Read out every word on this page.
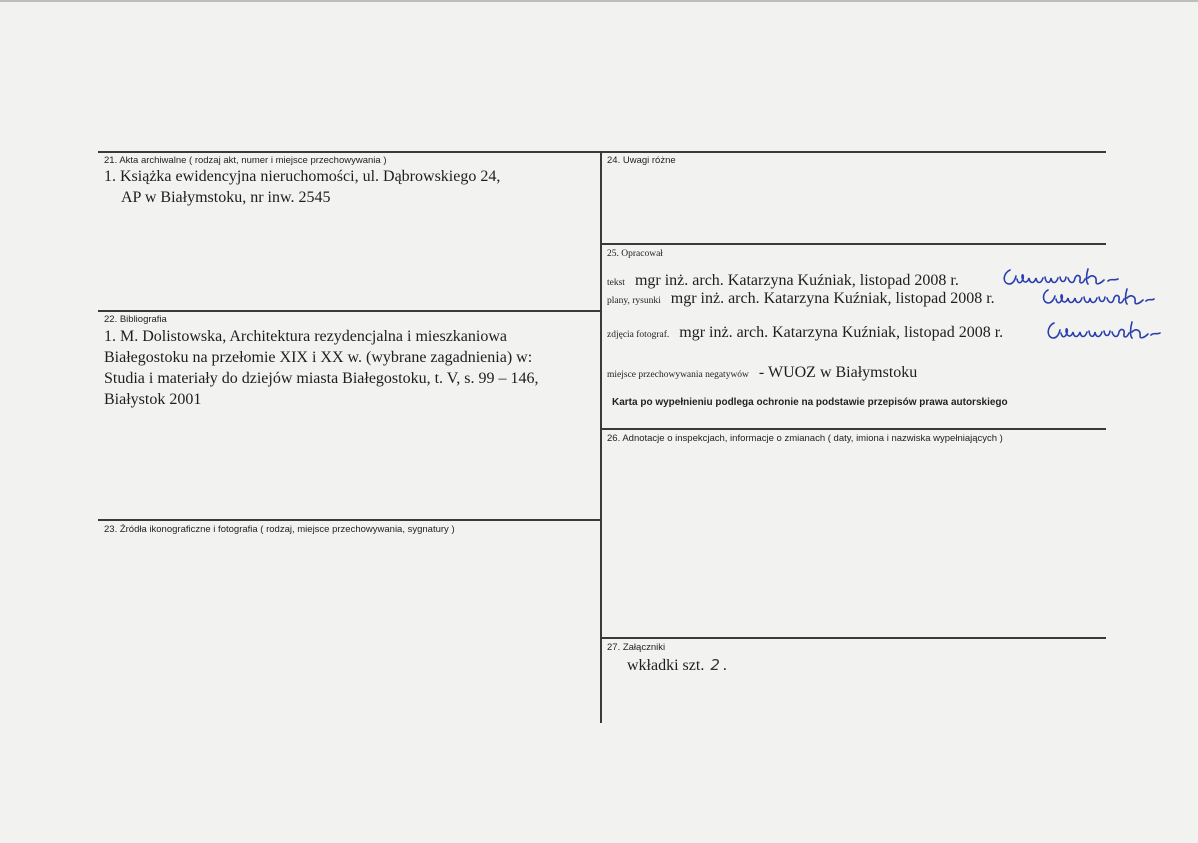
21. Akta archiwalne ( rodzaj akt, numer i miejsce przechowywania )
1. Książka ewidencyjna nieruchomości, ul. Dąbrowskiego 24,
AP w Białymstoku, nr inw. 2545
22. Bibliografia
1. M. Dolistowska, Architektura rezydencjalna i mieszkaniowa
Białegostoku na przełomie XIX i XX w. (wybrane zagadnienia) w:
Studia i materiały do dziejów miasta Białegostoku, t. V, s. 99 – 146,
Białystok 2001
23. Źródła ikonograficzne i fotografia ( rodzaj, miejsce przechowywania, sygnatury )
24. Uwagi różne
25. Opracował
tekst mgr inż. arch. Katarzyna Kuźniak, listopad 2008 r.
plany, rysunki mgr inż. arch. Katarzyna Kuźniak, listopad 2008 r.
zdjęcia fotograf. mgr inż. arch. Katarzyna Kuźniak, listopad 2008 r.
miejsce przechowywania negatywów - WUOZ w Białymstoku
Karta po wypełnieniu podlega ochronie na podstawie przepisów prawa autorskiego
26. Adnotacje o inspekcjach, informacje o zmianach ( daty, imiona i nazwiska wypełniających )
27. Załączniki
wkładki szt. 2 .
